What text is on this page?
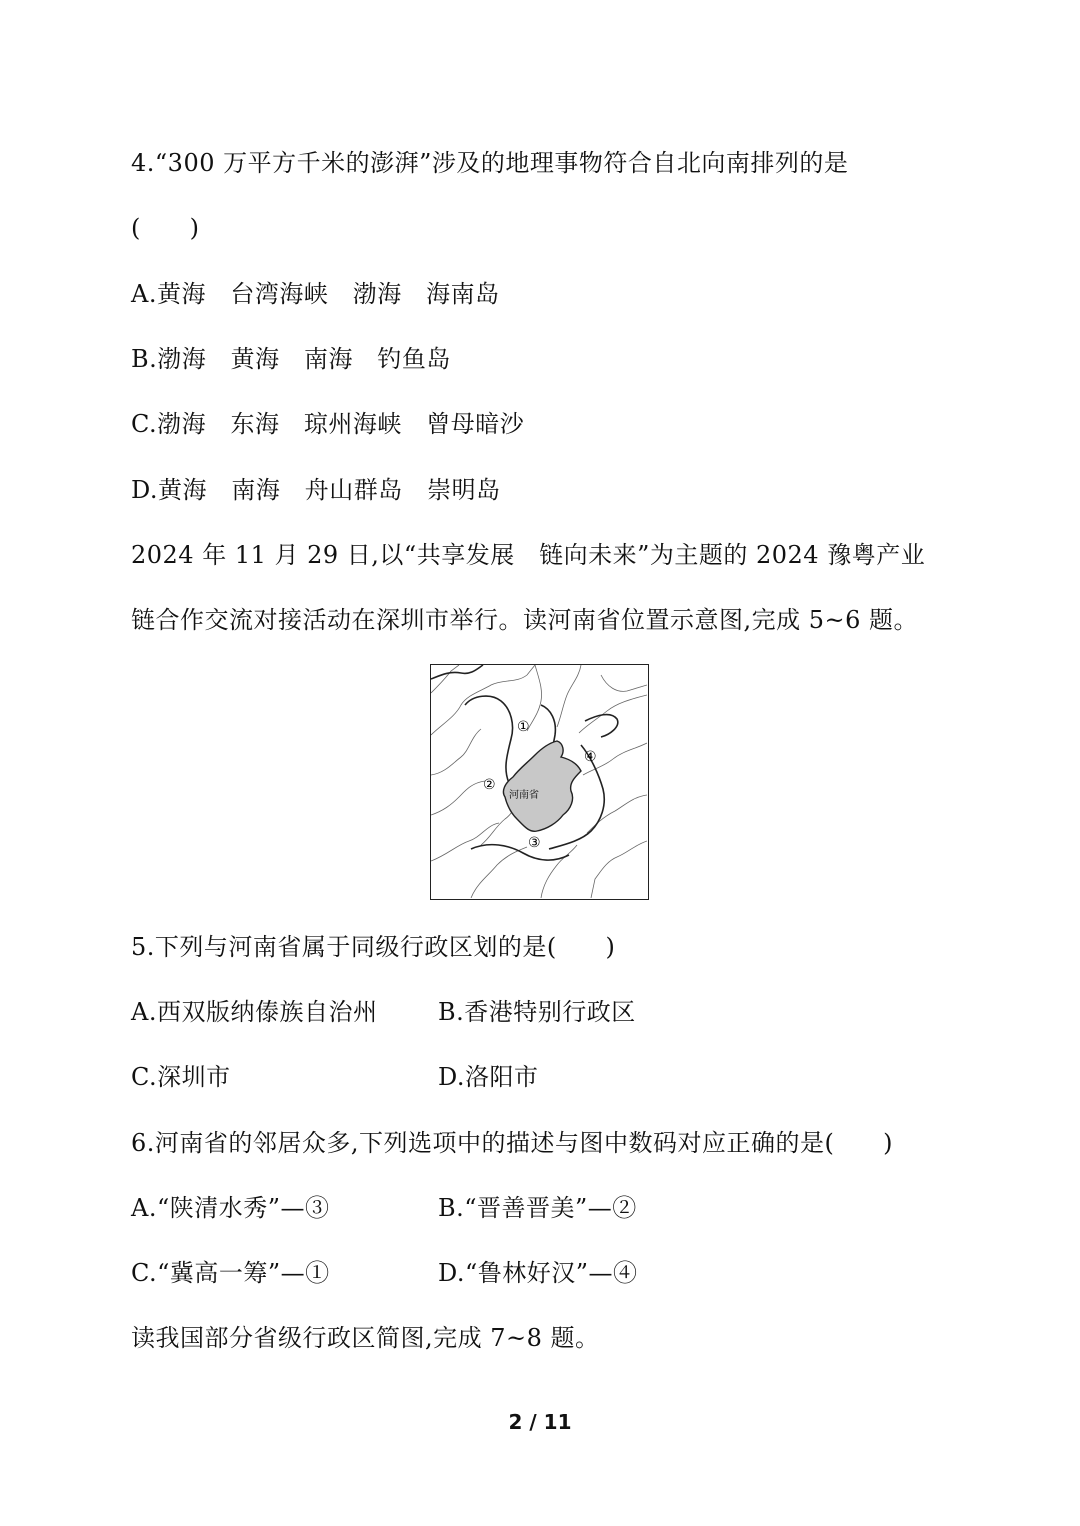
4.“300 万平方千米的澎湃”涉及的地理事物符合自北向南排列的是
(      )
A.黄海   台湾海峡   渤海   海南岛
B.渤海   黄海   南海   钓鱼岛
C.渤海   东海   琼州海峡   曾母暗沙
D.黄海   南海   舟山群岛   崇明岛
2024 年 11 月 29 日,以“共享发展   链向未来”为主题的 2024 豫粤产业
链合作交流对接活动在深圳市举行。读河南省位置示意图,完成 5~6 题。
①
②
③
④
河南省
5.下列与河南省属于同级行政区划的是(      )
A.西双版纳傣族自治州	B.香港特别行政区
C.深圳市	D.洛阳市
6.河南省的邻居众多,下列选项中的描述与图中数码对应正确的是(      )
A.“陕清水秀”—③	B.“晋善晋美”—②
C.“冀高一筹”—①	D.“鲁林好汉”—④
读我国部分省级行政区简图,完成 7~8 题。
2 / 11
